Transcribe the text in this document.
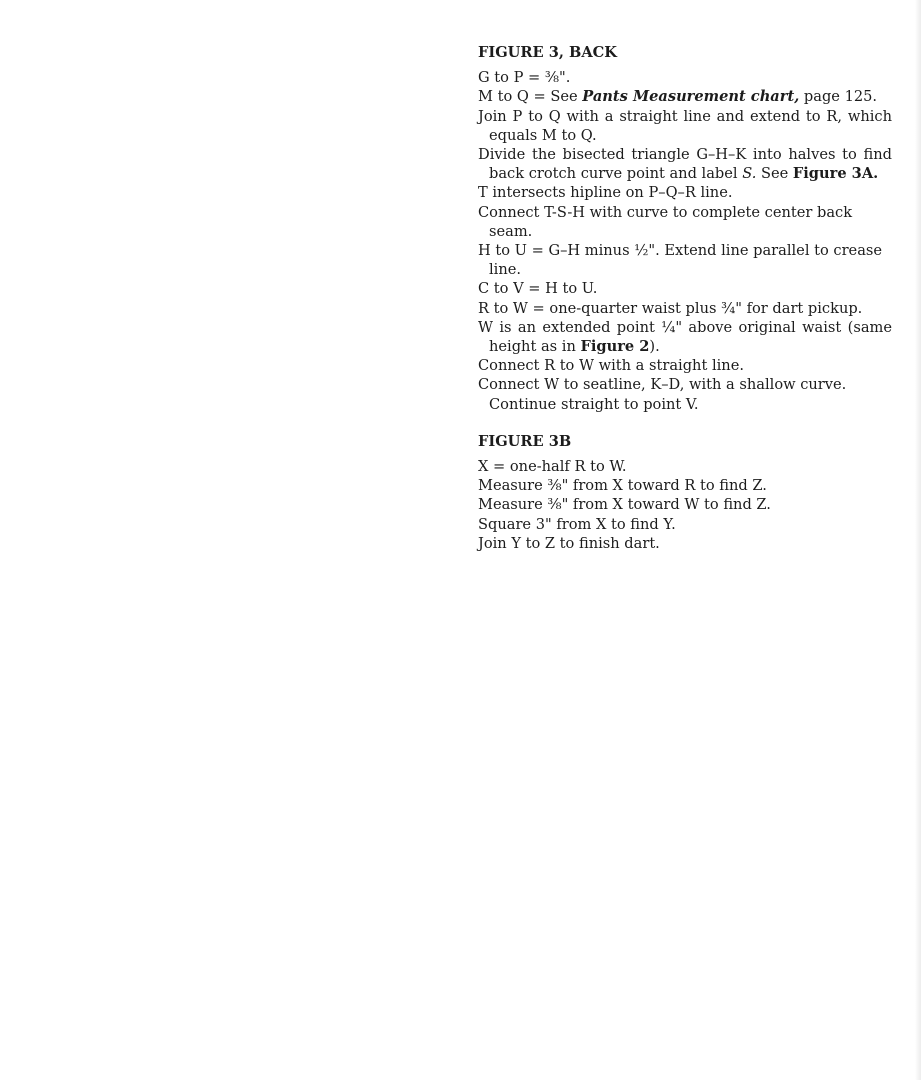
FIGURE 3, BACK

G to P = ⅜".

M to Q = See Pants Measurement chart, page 125.

Join P to Q with a straight line and extend to R, which equals M to Q.

Divide the bisected triangle G–H–K into halves to find back crotch curve point and label S. See Figure 3A.

T intersects hipline on P–Q–R line.

Connect T-S-H with curve to complete center back seam.

H to U = G–H minus ½". Extend line parallel to crease line.

C to V = H to U.

R to W = one-quarter waist plus ¾" for dart pickup.

W is an extended point ¼" above original waist (same height as in Figure 2).

Connect R to W with a straight line.

Connect W to seatline, K–D, with a shallow curve. Continue straight to point V.

FIGURE 3B

X = one-half R to W.

Measure ⅜" from X toward R to find Z.

Measure ⅜" from X toward W to find Z.

Square 3" from X to find Y.

Join Y to Z to finish dart.
